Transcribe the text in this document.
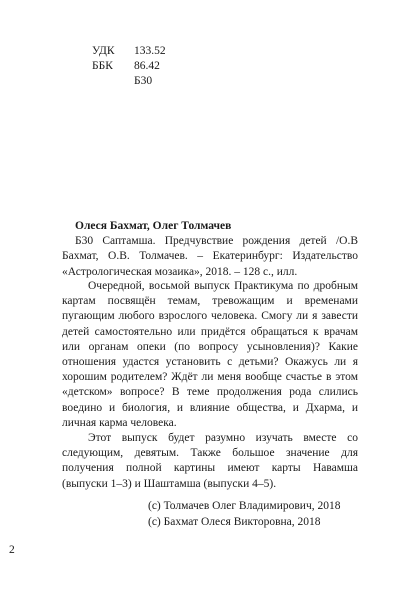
УДК 133.52
ББК 86.42
Б30
Олеся Бахмат, Олег Толмачев
Б30 Саптамша. Предчувствие рождения детей /О.В Бахмат, О.В. Толмачев. – Екатеринбург: Издательство «Астрологическая мозаика», 2018. – 128 с., илл.

Очередной, восьмой выпуск Практикума по дробным картам посвящён темам, тревожащим и временами пугающим любого взрослого человека. Смогу ли я завести детей самостоятельно или придётся обращаться к врачам или органам опеки (по вопросу усыновления)? Какие отношения удастся установить с детьми? Окажусь ли я хорошим родителем? Ждёт ли меня вообще счастье в этом «детском» вопросе? В теме продолжения рода слились воедино и биология, и влияние общества, и Дхарма, и личная карма человека.

Этот выпуск будет разумно изучать вместе со следующим, девятым. Также большое значение для получения полной картины имеют карты Навамша (выпуски 1–3) и Шаштамша (выпуски 4–5).

(c) Толмачев Олег Владимирович, 2018
(c) Бахмат Олеся Викторовна, 2018
2
